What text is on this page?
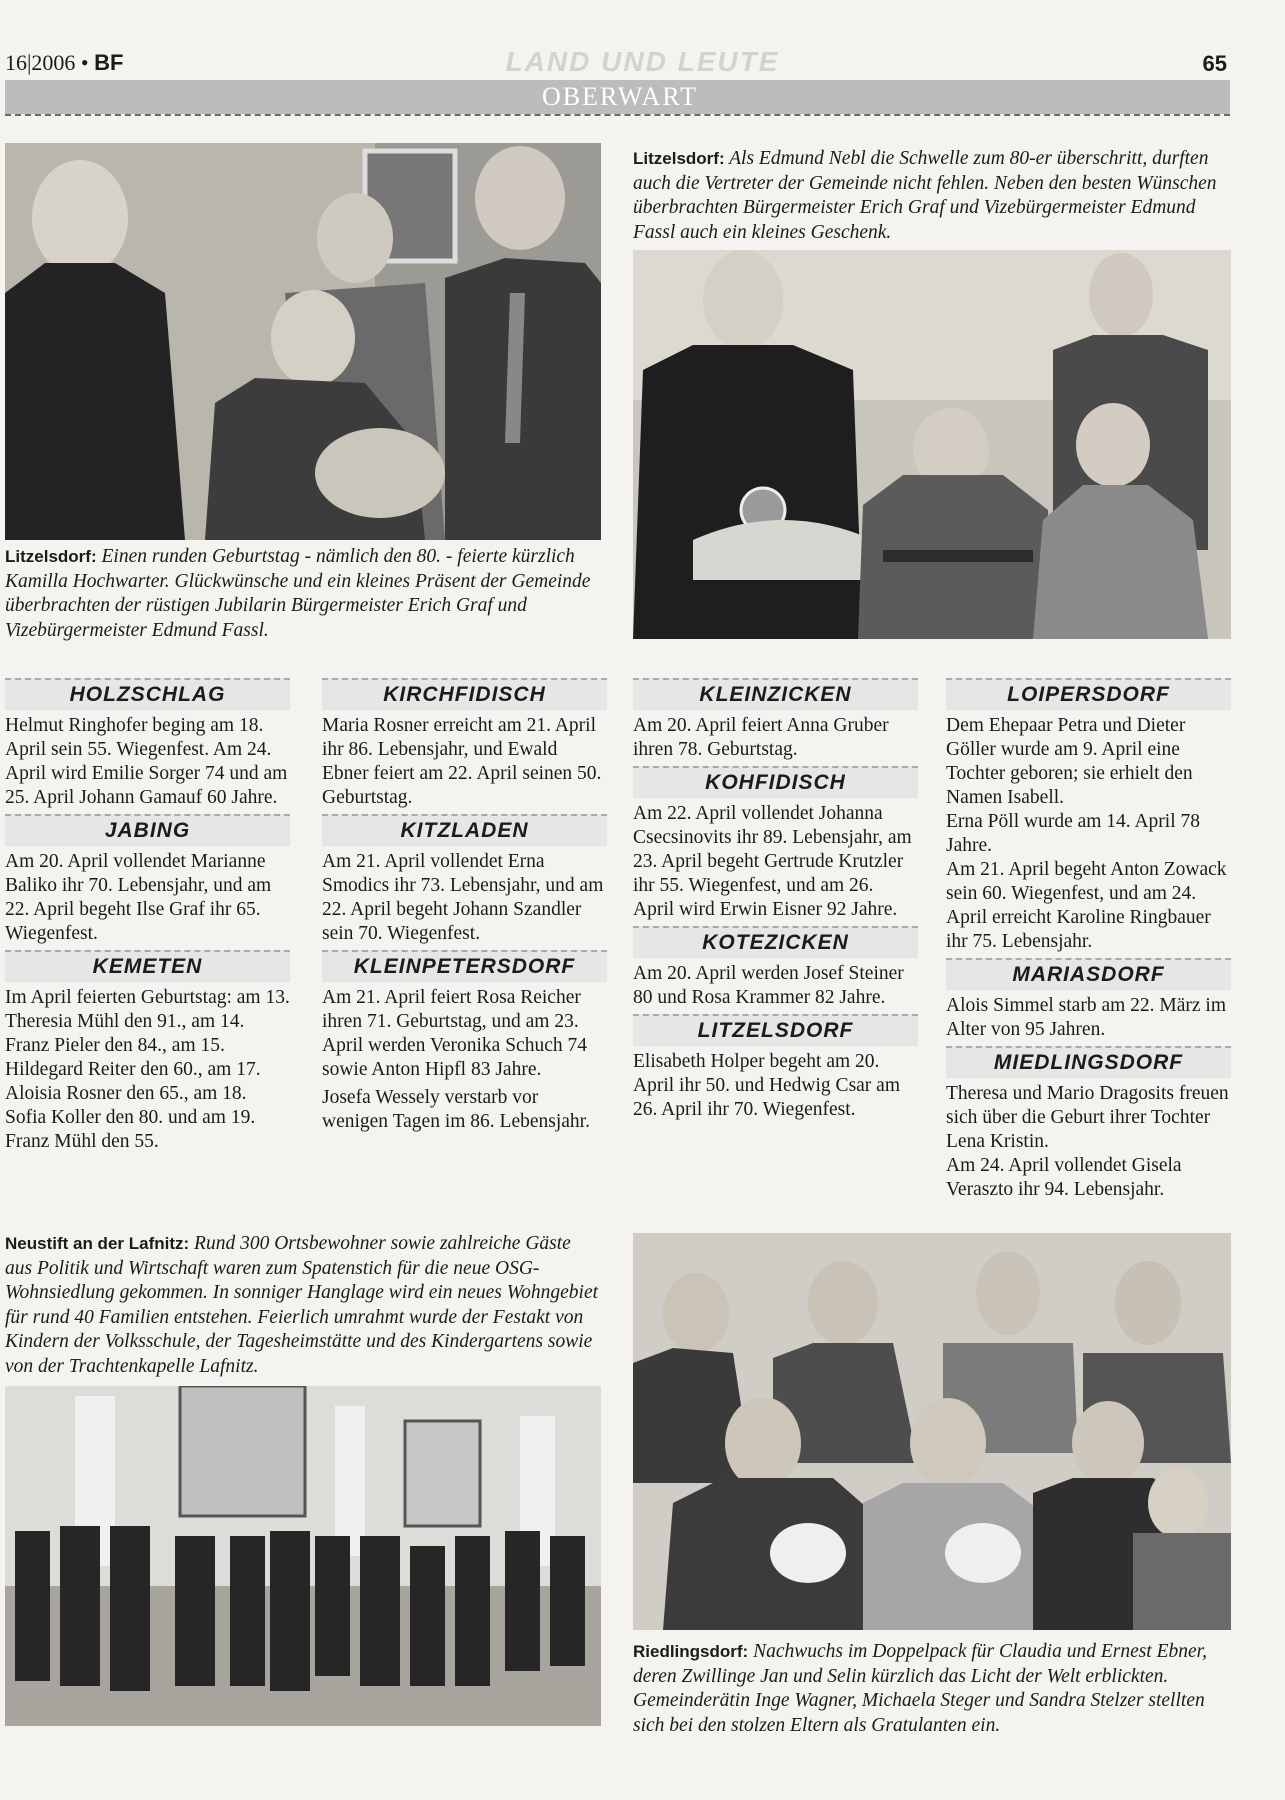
16|2006 • BF	LAND UND LEUTE	65
OBERWART
Litzelsdorf: Einen runden Geburtstag - nämlich den 80. - feierte kürzlich Kamilla Hochwarter. Glückwünsche und ein kleines Präsent der Gemeinde überbrachten der rüstigen Jubilarin Bürgermeister Erich Graf und Vizebürgermeister Edmund Fassl.
Litzelsdorf: Als Edmund Nebl die Schwelle zum 80-er überschritt, durften auch die Vertreter der Gemeinde nicht fehlen. Neben den besten Wünschen überbrachten Bürgermeister Erich Graf und Vizebürgermeister Edmund Fassl auch ein kleines Geschenk.
HOLZSCHLAG

Helmut Ringhofer beging am 18. April sein 55. Wiegenfest. Am 24. April wird Emilie Sorger 74 und am 25. April Johann Gamauf 60 Jahre.

JABING

Am 20. April vollendet Marianne Baliko ihr 70. Lebensjahr, und am 22. April begeht Ilse Graf ihr 65. Wiegenfest.

KEMETEN

Im April feierten Geburtstag: am 13. Theresia Mühl den 91., am 14. Franz Pieler den 84., am 15. Hildegard Reiter den 60., am 17. Aloisia Rosner den 65., am 18. Sofia Koller den 80. und am 19. Franz Mühl den 55.

KIRCHFIDISCH

Maria Rosner erreicht am 21. April ihr 86. Lebensjahr, und Ewald Ebner feiert am 22. April seinen 50. Geburtstag.

KITZLADEN

Am 21. April vollendet Erna Smodics ihr 73. Lebensjahr, und am 22. April begeht Johann Szandler sein 70. Wiegenfest.

KLEINPETERSDORF

Am 21. April feiert Rosa Reicher ihren 71. Geburtstag, und am 23. April werden Veronika Schuch 74 sowie Anton Hipfl 83 Jahre.

Josefa Wessely verstarb vor wenigen Tagen im 86. Lebensjahr.

KLEINZICKEN

Am 20. April feiert Anna Gruber ihren 78. Geburtstag.

KOHFIDISCH

Am 22. April vollendet Johanna Csecsinovits ihr 89. Lebensjahr, am 23. April begeht Gertrude Krutzler ihr 55. Wiegenfest, und am 26. April wird Erwin Eisner 92 Jahre.

KOTEZICKEN

Am 20. April werden Josef Steiner 80 und Rosa Krammer 82 Jahre.

LITZELSDORF

Elisabeth Holper begeht am 20. April ihr 50. und Hedwig Csar am 26. April ihr 70. Wiegenfest.

LOIPERSDORF

Dem Ehepaar Petra und Dieter Göller wurde am 9. April eine Tochter geboren; sie erhielt den Namen Isabell.

Erna Pöll wurde am 14. April 78 Jahre.

Am 21. April begeht Anton Zowack sein 60. Wiegenfest, und am 24. April erreicht Karoline Ringbauer ihr 75. Lebensjahr.

MARIASDORF

Alois Simmel starb am 22. März im Alter von 95 Jahren.

MIEDLINGSDORF

Theresa und Mario Dragosits freuen sich über die Geburt ihrer Tochter Lena Kristin.

Am 24. April vollendet Gisela Veraszto ihr 94. Lebensjahr.

Neustift an der Lafnitz: Rund 300 Ortsbewohner sowie zahlreiche Gäste aus Politik und Wirtschaft waren zum Spatenstich für die neue OSG-Wohnsiedlung gekommen. In sonniger Hanglage wird ein neues Wohngebiet für rund 40 Familien entstehen. Feierlich umrahmt wurde der Festakt von Kindern der Volksschule, der Tagesheimstätte und des Kindergartens sowie von der Trachtenkapelle Lafnitz.
Riedlingsdorf: Nachwuchs im Doppelpack für Claudia und Ernest Ebner, deren Zwillinge Jan und Selin kürzlich das Licht der Welt erblickten. Gemeinderätin Inge Wagner, Michaela Steger und Sandra Stelzer stellten sich bei den stolzen Eltern als Gratulanten ein.
